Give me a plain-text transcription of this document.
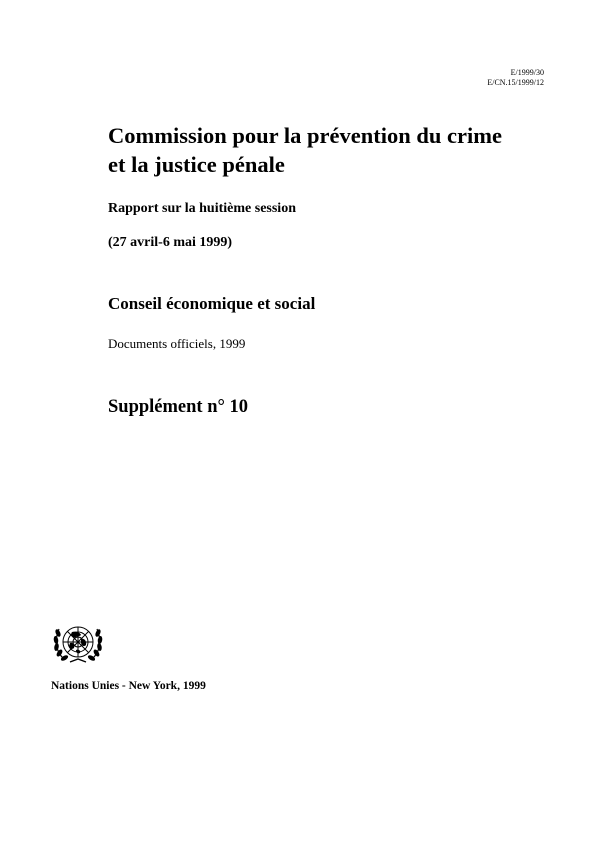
E/1999/30
E/CN.15/1999/12
Commission pour la prévention du crime
et la justice pénale
Rapport sur la huitième session
(27 avril-6 mai 1999)
Conseil économique et social
Documents officiels, 1999
Supplément n° 10
Nations Unies - New York, 1999
